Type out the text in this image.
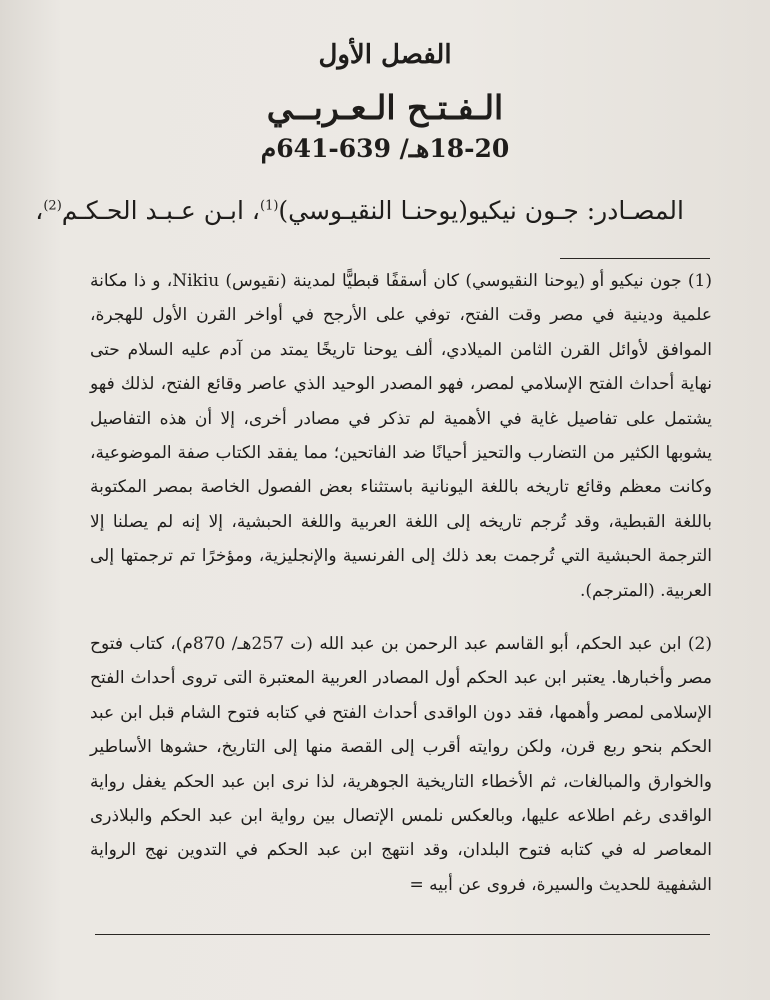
الفصل الأول
الـفـتـح الـعـربــي
18-20هـ/ 639-641م

المصـادر: جـون نيكيو(يوحنـا النقيـوسي)$^{(1)}$، ابـن عـبـد الحـكـم$^{(2)}$،

(1) جون نيكيو أو (يوحنا النقيوسي) كان أسقفًا قبطيًّا لمدينة (نقيوس) Nikiu، و ذا مكانة علمية ودينية في مصر وقت الفتح، توفي على الأرجح في أواخر القرن الأول للهجرة، الموافق لأوائل القرن الثامن الميلادي، ألف يوحنا تاريخًا يمتد من آدم عليه السلام حتى نهاية أحداث الفتح الإسلامي لمصر، فهو المصدر الوحيد الذي عاصر وقائع الفتح، لذلك فهو يشتمل على تفاصيل غاية في الأهمية لم تذكر في مصادر أخرى، إلا أن هذه التفاصيل يشوبها الكثير من التضارب والتحيز أحيانًا ضد الفاتحين؛ مما يفقد الكتاب صفة الموضوعية، وكانت معظم وقائع تاريخه باللغة اليونانية باستثناء بعض الفصول الخاصة بمصر المكتوبة باللغة القبطية، وقد تُرجم تاريخه إلى اللغة العربية واللغة الحبشية، إلا إنه لم يصلنا إلا الترجمة الحبشية التي تُرجمت بعد ذلك إلى الفرنسية والإنجليزية، ومؤخرًا تم ترجمتها إلى العربية. (المترجم).

(2) ابن عبد الحكم، أبو القاسم عبد الرحمن بن عبد الله (ت 257هـ/ 870م)، كتاب فتوح مصر وأخبارها. يعتبر ابن عبد الحكم أول المصادر العربية المعتبرة التى تروى أحداث الفتح الإسلامى لمصر وأهمها، فقد دون الواقدى أحداث الفتح في كتابه فتوح الشام قبل ابن عبد الحكم بنحو ربع قرن، ولكن روايته أقرب إلى القصة منها إلى التاريخ، حشوها الأساطير والخوارق والمبالغات، ثم الأخطاء التاريخية الجوهرية، لذا نرى ابن عبد الحكم يغفل رواية الواقدى رغم اطلاعه عليها، وبالعكس نلمس الإتصال بين رواية ابن عبد الحكم والبلاذرى المعاصر له في كتابه فتوح البلدان، وقد انتهج ابن عبد الحكم في التدوين نهج الرواية الشفهية للحديث والسيرة، فروى عن أبيه =
